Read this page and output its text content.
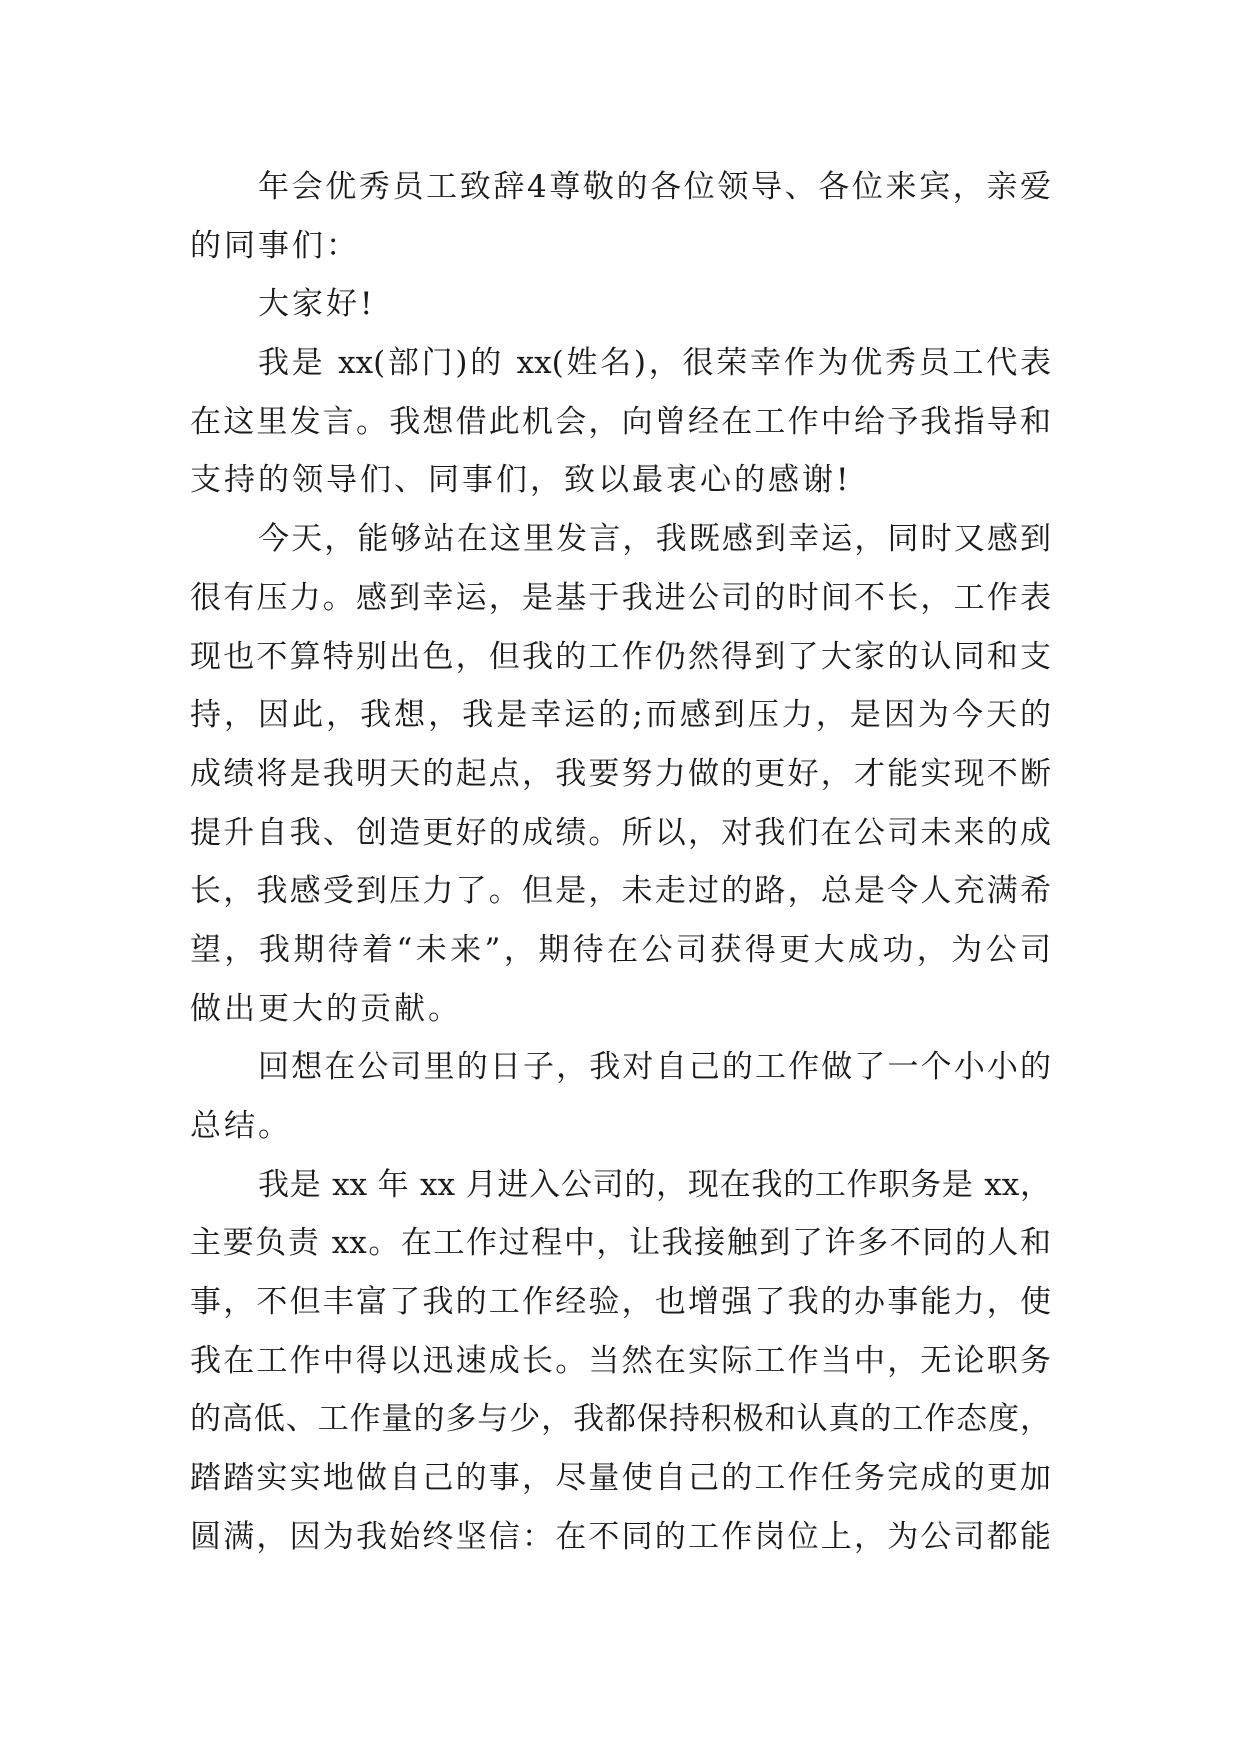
年会优秀员工致辞4尊敬的各位领导、各位来宾，亲爱
的同事们：
大家好!
我是 xx(部门)的 xx(姓名)，很荣幸作为优秀员工代表
在这里发言。我想借此机会，向曾经在工作中给予我指导和
支持的领导们、同事们，致以最衷心的感谢!
今天，能够站在这里发言，我既感到幸运，同时又感到
很有压力。感到幸运，是基于我进公司的时间不长，工作表
现也不算特别出色，但我的工作仍然得到了大家的认同和支
持，因此，我想，我是幸运的;而感到压力，是因为今天的
成绩将是我明天的起点，我要努力做的更好，才能实现不断
提升自我、创造更好的成绩。所以，对我们在公司未来的成
长，我感受到压力了。但是，未走过的路，总是令人充满希
望，我期待着“未来”，期待在公司获得更大成功，为公司
做出更大的贡献。
回想在公司里的日子，我对自己的工作做了一个小小的
总结。
我是 xx 年 xx 月进入公司的，现在我的工作职务是 xx，
主要负责 xx。在工作过程中，让我接触到了许多不同的人和
事，不但丰富了我的工作经验，也增强了我的办事能力，使
我在工作中得以迅速成长。当然在实际工作当中，无论职务
的高低、工作量的多与少，我都保持积极和认真的工作态度，
踏踏实实地做自己的事，尽量使自己的工作任务完成的更加
圆满，因为我始终坚信：在不同的工作岗位上，为公司都能
